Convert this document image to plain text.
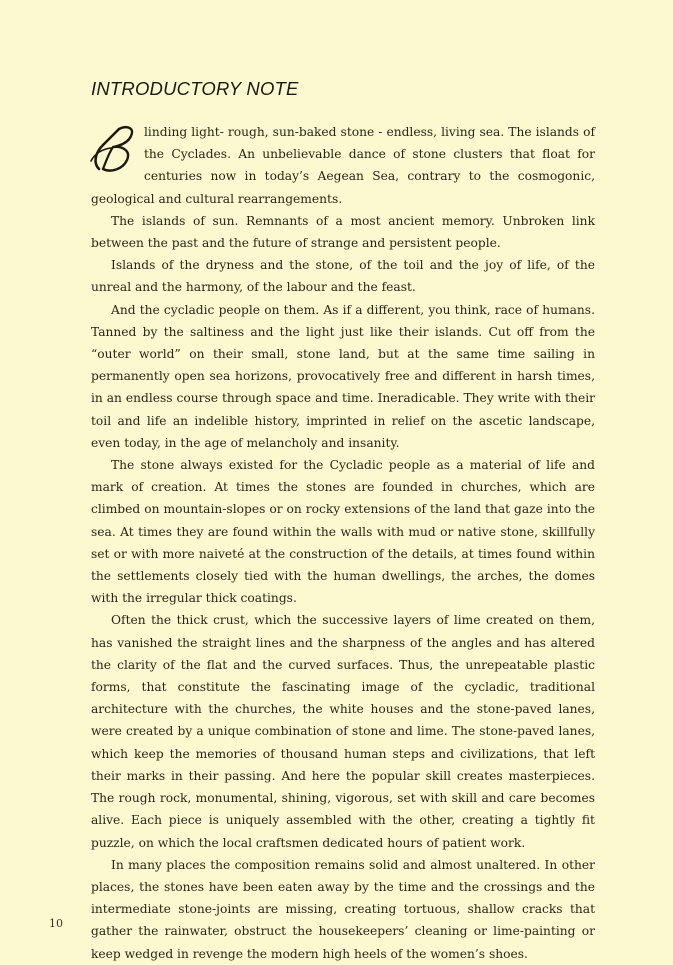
INTRODUCTORY NOTE

linding light- rough, sun-baked stone - endless, living sea. The islands of the Cyclades. An unbelievable dance of stone clusters that float for centuries now in today’s Aegean Sea, contrary to the cosmogonic, geological and cultural rearrangements.

The islands of sun. Remnants of a most ancient memory. Unbroken link between the past and the future of strange and persistent people.

Islands of the dryness and the stone, of the toil and the joy of life, of the unreal and the harmony, of the labour and the feast.

And the cycladic people on them. As if a different, you think, race of humans. Tanned by the saltiness and the light just like their islands. Cut off from the “outer world” on their small, stone land, but at the same time sailing in permanently open sea horizons, provocatively free and different in harsh times, in an endless course through space and time. Ineradicable. They write with their toil and life an indelible history, imprinted in relief on the ascetic landscape, even today, in the age of melancholy and insanity.

The stone always existed for the Cycladic people as a material of life and mark of creation. At times the stones are founded in churches, which are climbed on mountain-slopes or on rocky extensions of the land that gaze into the sea. At times they are found within the walls with mud or native stone, skillfully set or with more naiveté at the construction of the details, at times found within the settlements closely tied with the human dwellings, the arches, the domes with the irregular thick coatings.

Often the thick crust, which the successive layers of lime created on them, has vanished the straight lines and the sharpness of the angles and has altered the clarity of the flat and the curved surfaces. Thus, the unrepeatable plastic forms, that constitute the fascinating image of the cycladic, traditional architecture with the churches, the white houses and the stone-paved lanes, were created by a unique combination of stone and lime. The stone-paved lanes, which keep the memories of thousand human steps and civilizations, that left their marks in their passing. And here the popular skill creates masterpieces. The rough rock, monumental, shining, vigorous, set with skill and care becomes alive. Each piece is uniquely assembled with the other, creating a tightly fit puzzle, on which the local craftsmen dedicated hours of patient work.

In many places the composition remains solid and almost unaltered. In other places, the stones have been eaten away by the time and the crossings and the intermediate stone-joints are missing, creating tortuous, shallow cracks that gather the rainwater, obstruct the housekeepers’ cleaning or lime-painting or keep wedged in revenge the modern high heels of the women’s shoes.

10
